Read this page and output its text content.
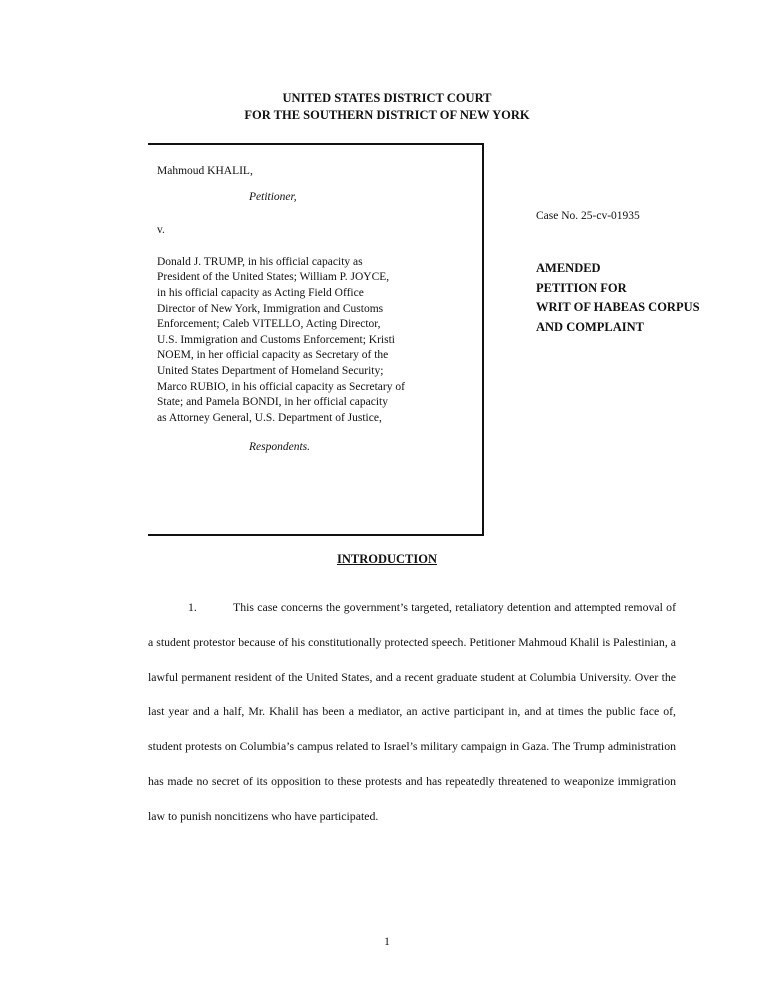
UNITED STATES DISTRICT COURT
FOR THE SOUTHERN DISTRICT OF NEW YORK

Mahmoud KHALIL,

Petitioner,

v.

Donald J. TRUMP, in his official capacity as
President of the United States; William P. JOYCE,
in his official capacity as Acting Field Office
Director of New York, Immigration and Customs
Enforcement; Caleb VITELLO, Acting Director,
U.S. Immigration and Customs Enforcement; Kristi
NOEM, in her official capacity as Secretary of the
United States Department of Homeland Security;
Marco RUBIO, in his official capacity as Secretary of
State; and Pamela BONDI, in her official capacity
as Attorney General, U.S. Department of Justice,

Respondents.

Case No. 25-cv-01935
AMENDED
PETITION FOR
WRIT OF HABEAS CORPUS
AND COMPLAINT
INTRODUCTION
1.	This case concerns the government’s targeted, retaliatory detention and attempted removal of a student protestor because of his constitutionally protected speech. Petitioner Mahmoud Khalil is Palestinian, a lawful permanent resident of the United States, and a recent graduate student at Columbia University. Over the last year and a half, Mr. Khalil has been a mediator, an active participant in, and at times the public face of, student protests on Columbia’s campus related to Israel’s military campaign in Gaza. The Trump administration has made no secret of its opposition to these protests and has repeatedly threatened to weaponize immigration law to punish noncitizens who have participated.
1
